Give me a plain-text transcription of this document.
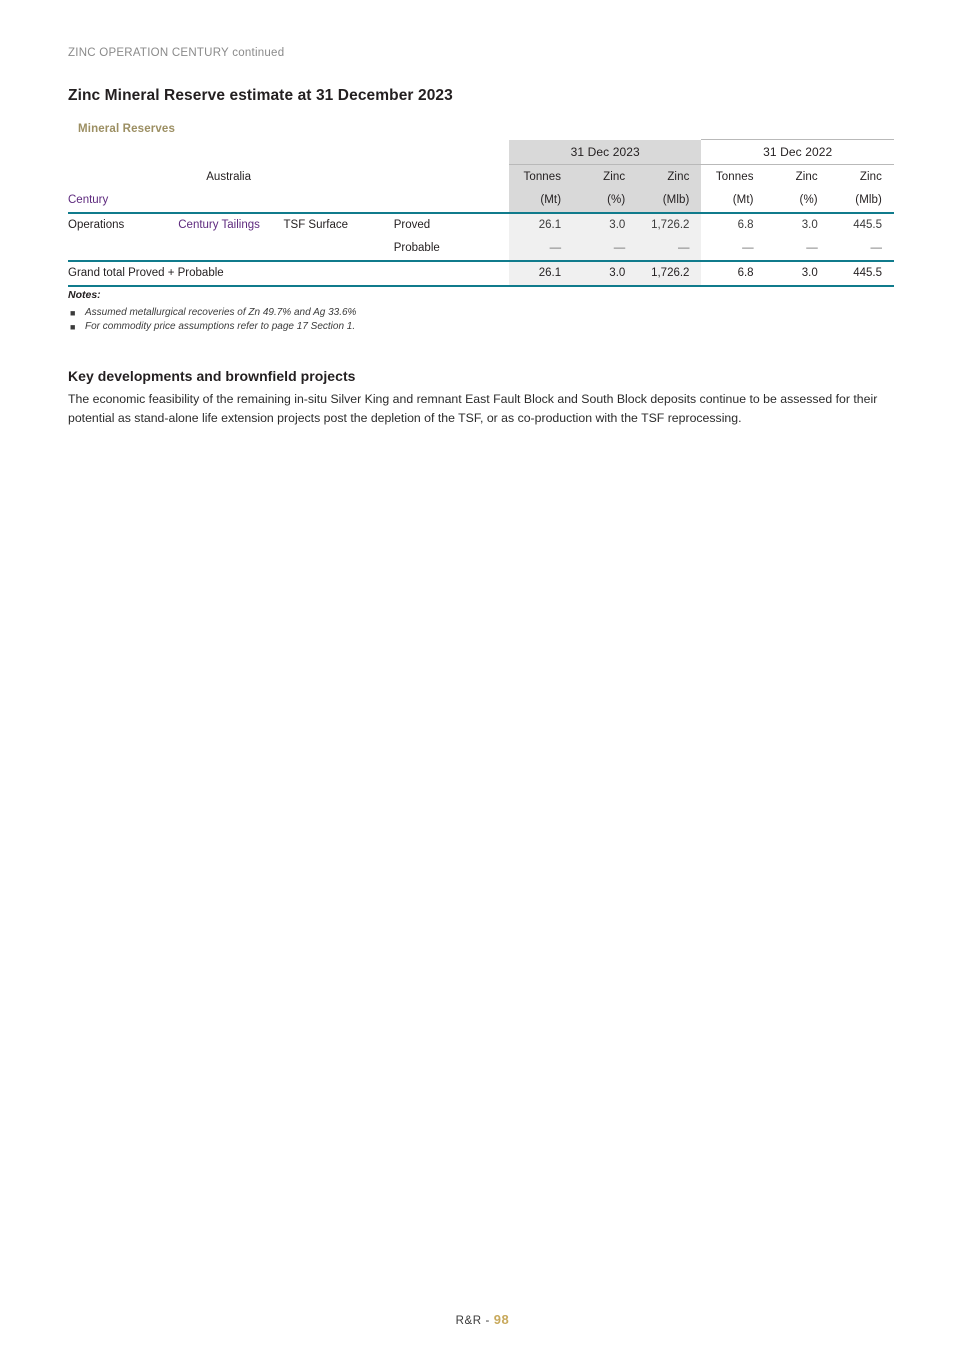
ZINC OPERATION CENTURY continued
Zinc Mineral Reserve estimate at 31 December 2023
Mineral Reserves
				31 Dec 2023			31 Dec 2022		
	Australia			Tonnes	Zinc	Zinc	Tonnes	Zinc	Zinc
Century				(Mt)	(%)	(Mlb)	(Mt)	(%)	(Mlb)
Operations	Century Tailings	TSF Surface	Proved	26.1	3.0	1,726.2	6.8	3.0	445.5
			Probable	—	—	—	—	—	—
Grand total Proved + Probable				26.1	3.0	1,726.2	6.8	3.0	445.5
Notes:
■ Assumed metallurgical recoveries of Zn 49.7% and Ag 33.6%
■ For commodity price assumptions refer to page 17 Section 1.
Key developments and brownfield projects
The economic feasibility of the remaining in-situ Silver King and remnant East Fault Block and South Block deposits continue to be assessed for their potential as stand-alone life extension projects post the depletion of the TSF, or as co-production with the TSF reprocessing.
R&R - 98
